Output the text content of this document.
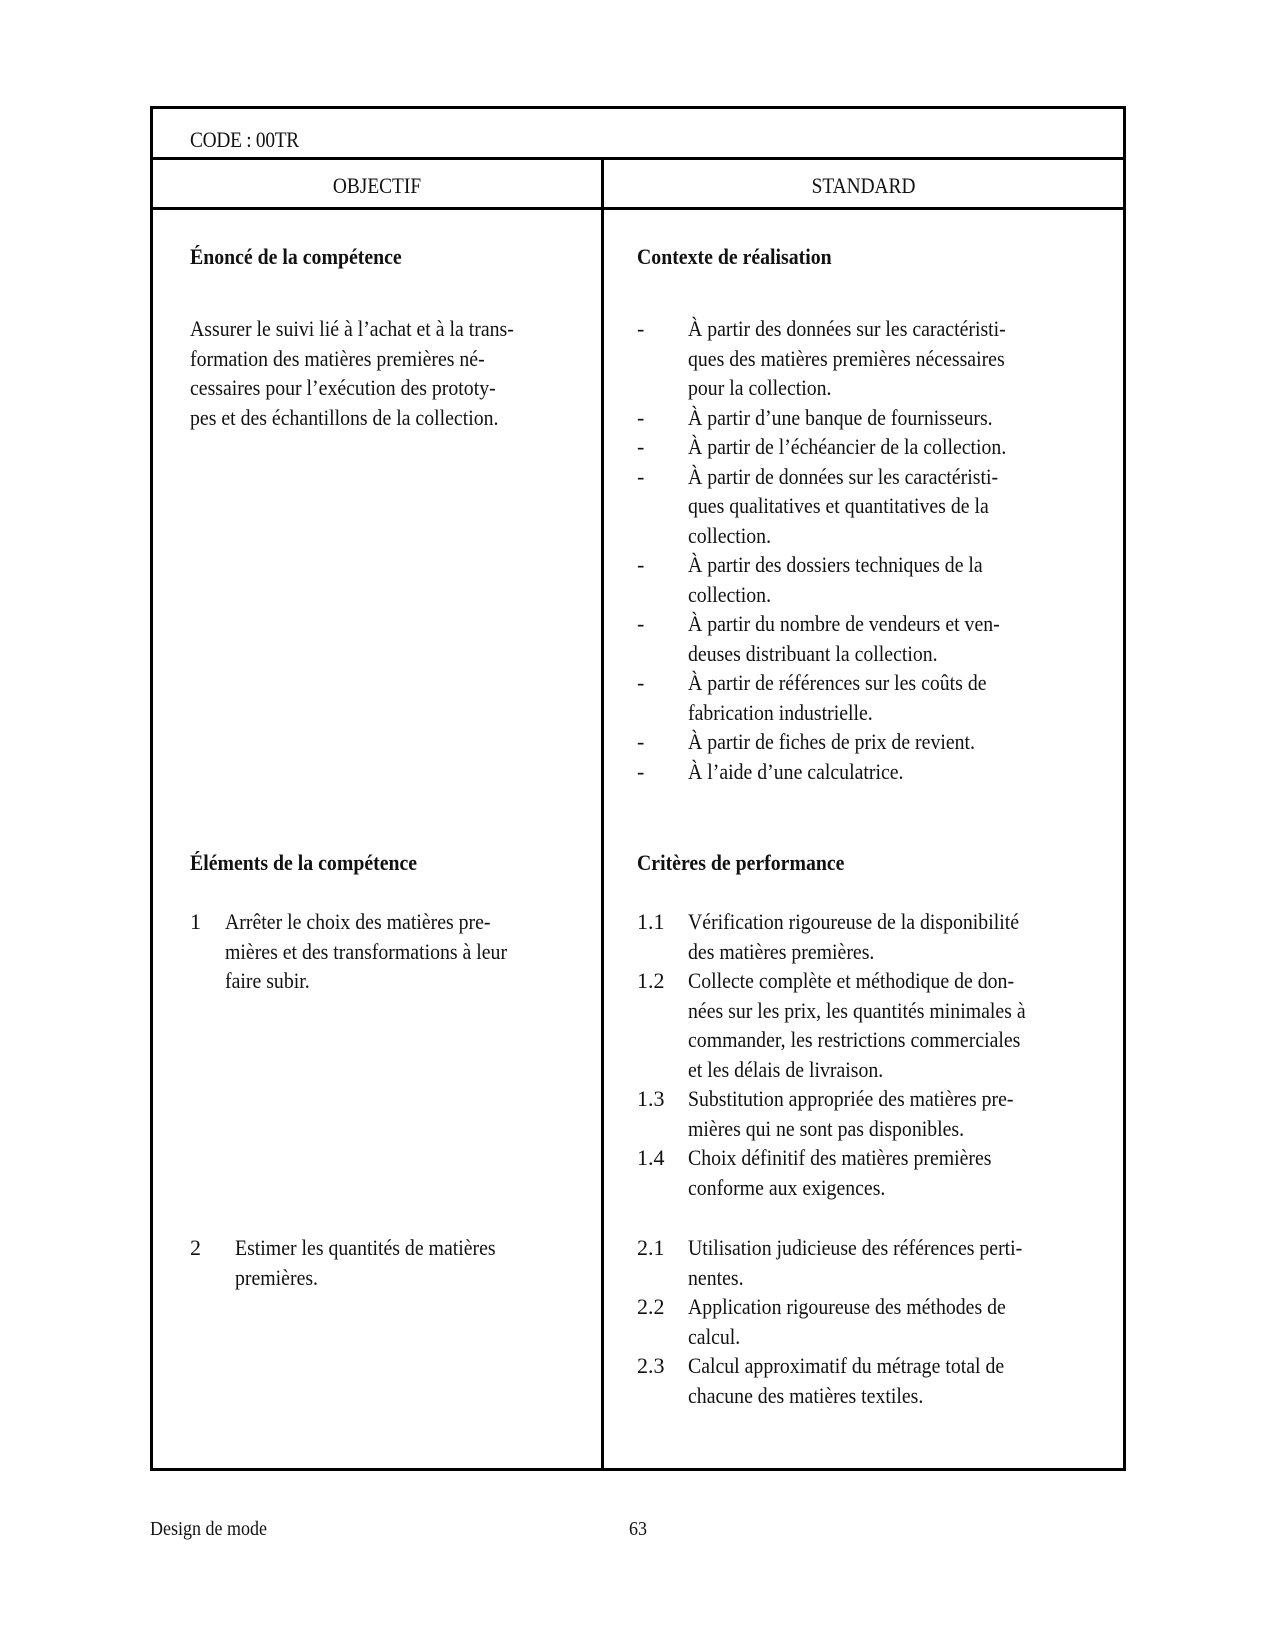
CODE : 00TR
OBJECTIF	STANDARD
Énoncé de la compétence
Assurer le suivi lié à l’achat et à la trans-
formation des matières premières né-
cessaires pour l’exécution des prototy-
pes et des échantillons de la collection.
Contexte de réalisation
- À partir des données sur les caractéristi-
ques des matières premières nécessaires
pour la collection.
- À partir d’une banque de fournisseurs.
- À partir de l’échéancier de la collection.
- À partir de données sur les caractéristi-
ques qualitatives et quantitatives de la
collection.
- À partir des dossiers techniques de la
collection.
- À partir du nombre de vendeurs et ven-
deuses distribuant la collection.
- À partir de références sur les coûts de
fabrication industrielle.
- À partir de fiches de prix de revient.
- À l’aide d’une calculatrice.
Éléments de la compétence
1 Arrêter le choix des matières pre-
mières et des transformations à leur
faire subir.
2 Estimer les quantités de matières
premières.
Critères de performance
1.1 Vérification rigoureuse de la disponibilité
des matières premières.
1.2 Collecte complète et méthodique de don-
nées sur les prix, les quantités minimales à
commander, les restrictions commerciales
et les délais de livraison.
1.3 Substitution appropriée des matières pre-
mières qui ne sont pas disponibles.
1.4 Choix définitif des matières premières
conforme aux exigences.
2.1 Utilisation judicieuse des références perti-
nentes.
2.2 Application rigoureuse des méthodes de
calcul.
2.3 Calcul approximatif du métrage total de
chacune des matières textiles.
Design de mode	63
